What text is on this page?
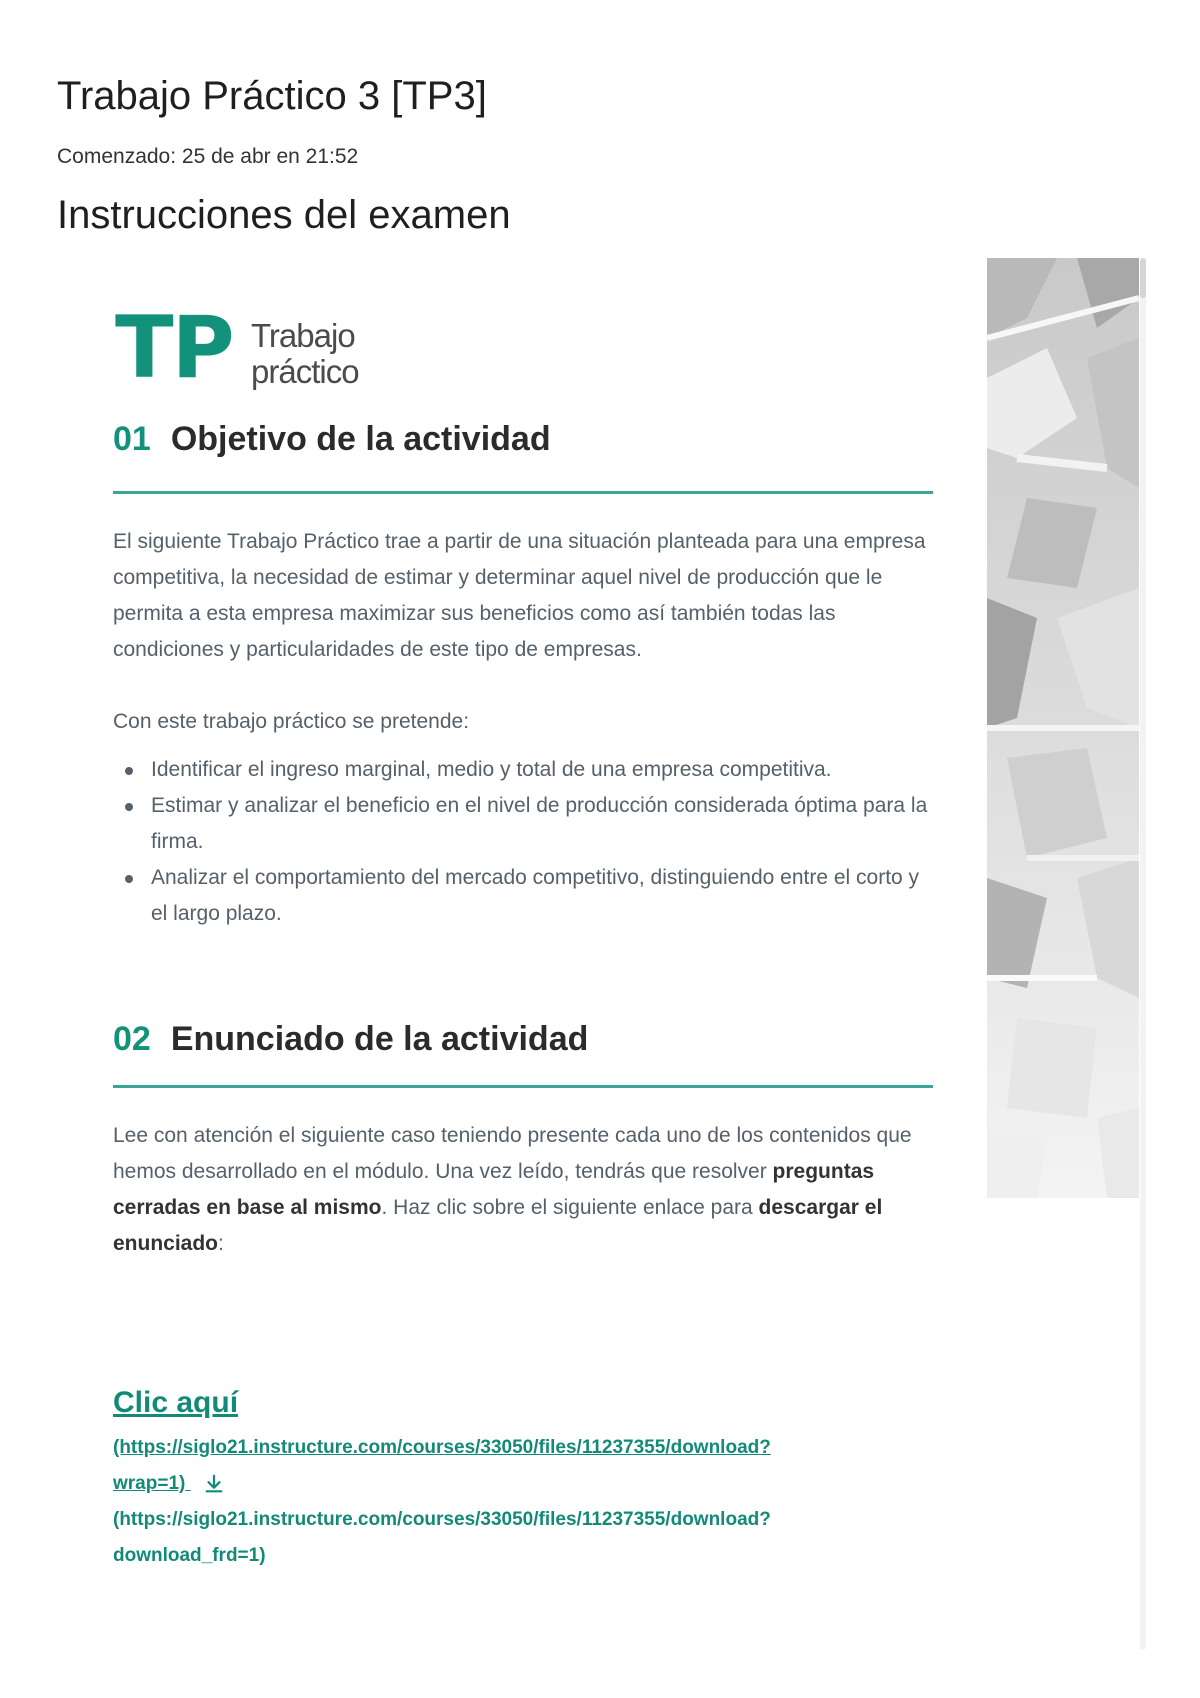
Trabajo Práctico 3 [TP3]

Comenzado: 25 de abr en 21:52

Instrucciones del examen
TP Trabajo
práctico
01 Objetivo de la actividad

El siguiente Trabajo Práctico trae a partir de una situación planteada para una empresa competitiva, la necesidad de estimar y determinar aquel nivel de producción que le permita a esta empresa maximizar sus beneficios como así también todas las condiciones y particularidades de este tipo de empresas.

Con este trabajo práctico se pretende:

Identificar el ingreso marginal, medio y total de una empresa competitiva.
Estimar y analizar el beneficio en el nivel de producción considerada óptima para la firma.
Analizar el comportamiento del mercado competitivo, distinguiendo entre el corto y el largo plazo.
02 Enunciado de la actividad

Lee con atención el siguiente caso teniendo presente cada uno de los contenidos que hemos desarrollado en el módulo. Una vez leído, tendrás que resolver preguntas cerradas en base al mismo. Haz clic sobre el siguiente enlace para descargar el enunciado:

Clic aquí
(https://siglo21.instructure.com/courses/33050/files/11237355/download?
wrap=1)
(https://siglo21.instructure.com/courses/33050/files/11237355/download?
download_frd=1)
